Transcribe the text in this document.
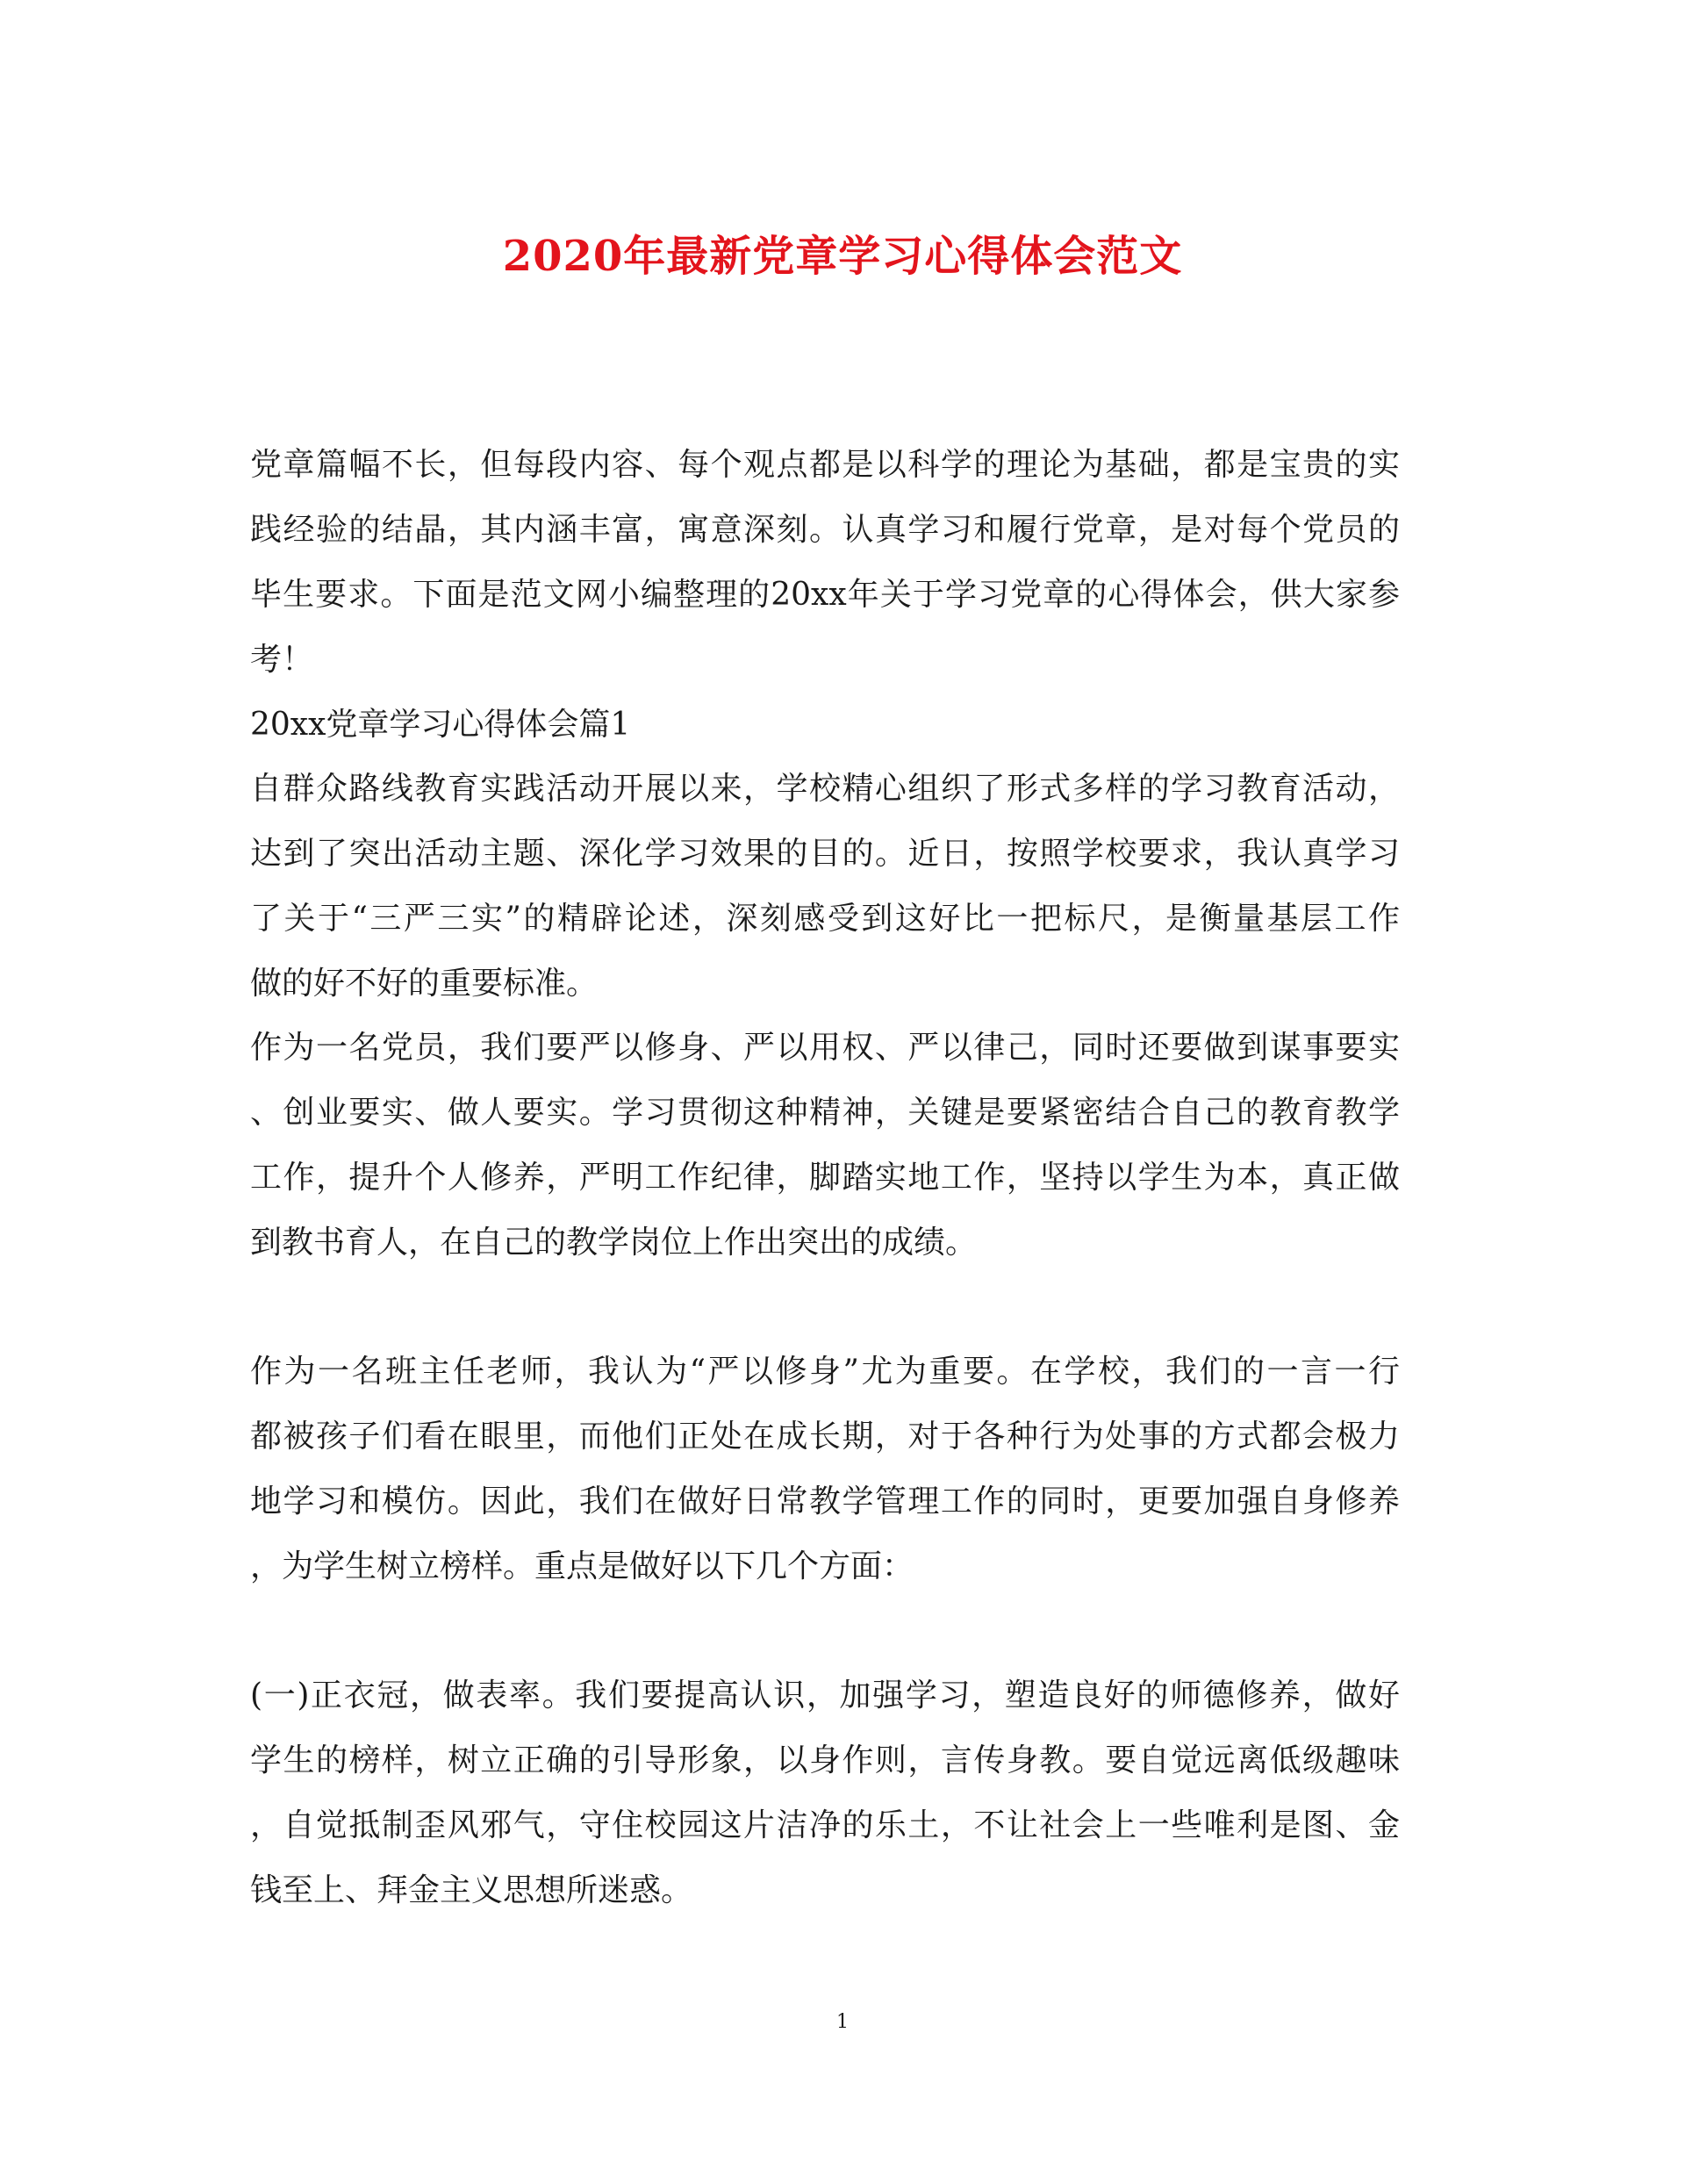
2020年最新党章学习心得体会范文
党章篇幅不长，但每段内容、每个观点都是以科学的理论为基础，都是宝贵的实
践经验的结晶，其内涵丰富，寓意深刻。认真学习和履行党章，是对每个党员的
毕生要求。下面是范文网小编整理的20xx年关于学习党章的心得体会，供大家参
考！
20xx党章学习心得体会篇1
自群众路线教育实践活动开展以来，学校精心组织了形式多样的学习教育活动，
达到了突出活动主题、深化学习效果的目的。近日，按照学校要求，我认真学习
了关于“三严三实”的精辟论述，深刻感受到这好比一把标尺，是衡量基层工作
做的好不好的重要标准。
作为一名党员，我们要严以修身、严以用权、严以律己，同时还要做到谋事要实
、创业要实、做人要实。学习贯彻这种精神，关键是要紧密结合自己的教育教学
工作，提升个人修养，严明工作纪律，脚踏实地工作，坚持以学生为本，真正做
到教书育人，在自己的教学岗位上作出突出的成绩。
作为一名班主任老师，我认为“严以修身”尤为重要。在学校，我们的一言一行
都被孩子们看在眼里，而他们正处在成长期，对于各种行为处事的方式都会极力
地学习和模仿。因此，我们在做好日常教学管理工作的同时，更要加强自身修养
，为学生树立榜样。重点是做好以下几个方面：
(一)正衣冠，做表率。我们要提高认识，加强学习，塑造良好的师德修养，做好
学生的榜样，树立正确的引导形象，以身作则，言传身教。要自觉远离低级趣味
，自觉抵制歪风邪气，守住校园这片洁净的乐土，不让社会上一些唯利是图、金
钱至上、拜金主义思想所迷惑。
1
